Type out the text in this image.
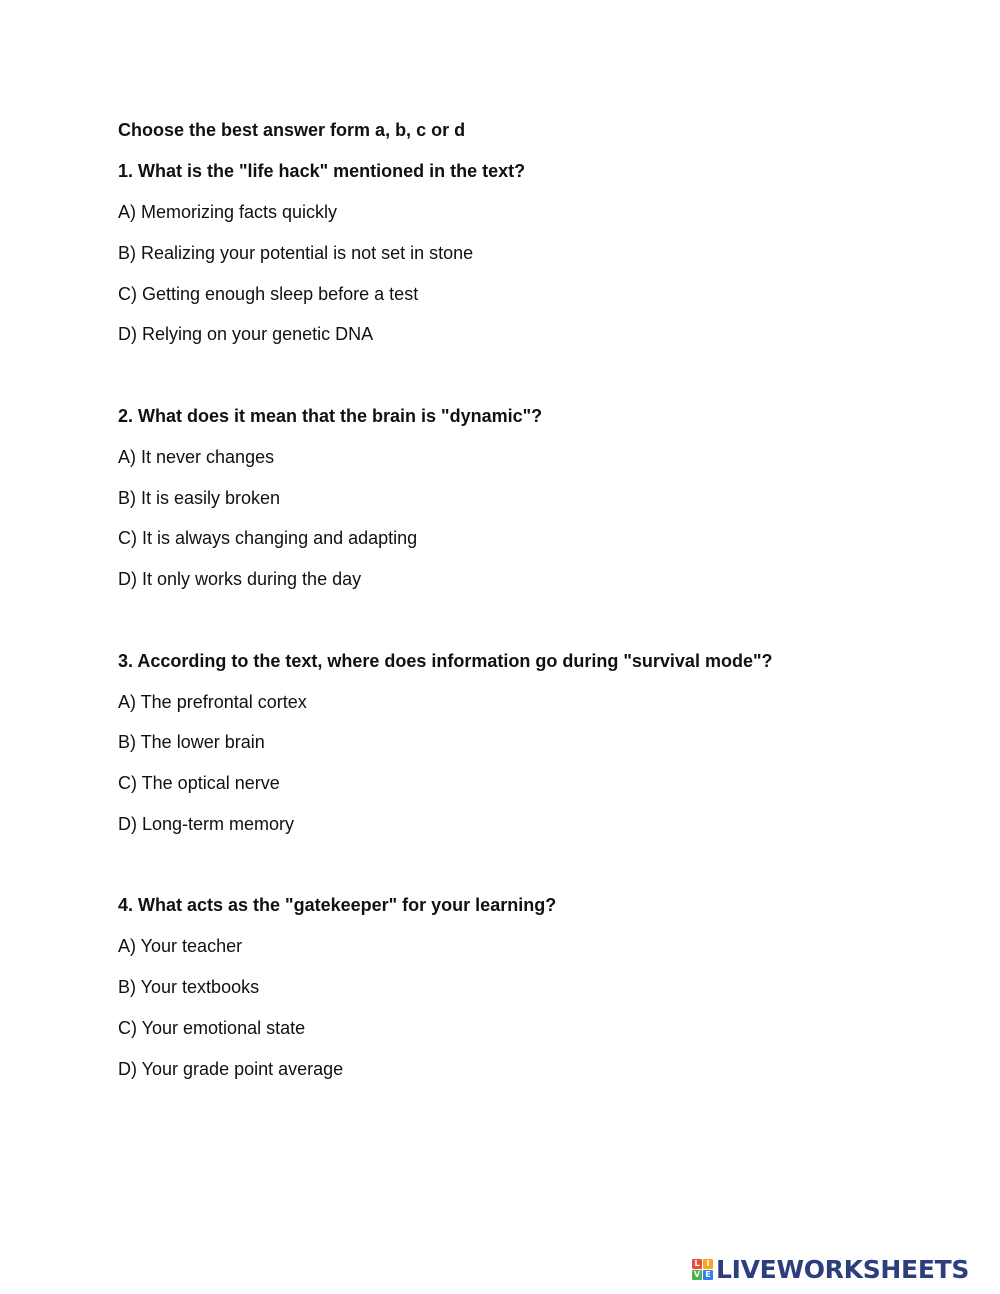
Choose the best answer form a, b, c or d
1. What is the "life hack" mentioned in the text?
A) Memorizing facts quickly
B) Realizing your potential is not set in stone
C) Getting enough sleep before a test
D) Relying on your genetic DNA
2. What does it mean that the brain is "dynamic"?
A) It never changes
B) It is easily broken
C) It is always changing and adapting
D) It only works during the day
3. According to the text, where does information go during "survival mode"?
A) The prefrontal cortex
B) The lower brain
C) The optical nerve
D) Long-term memory
4. What acts as the "gatekeeper" for your learning?
A) Your teacher
B) Your textbooks
C) Your emotional state
D) Your grade point average
L I
V E LIVEWORKSHEETS
